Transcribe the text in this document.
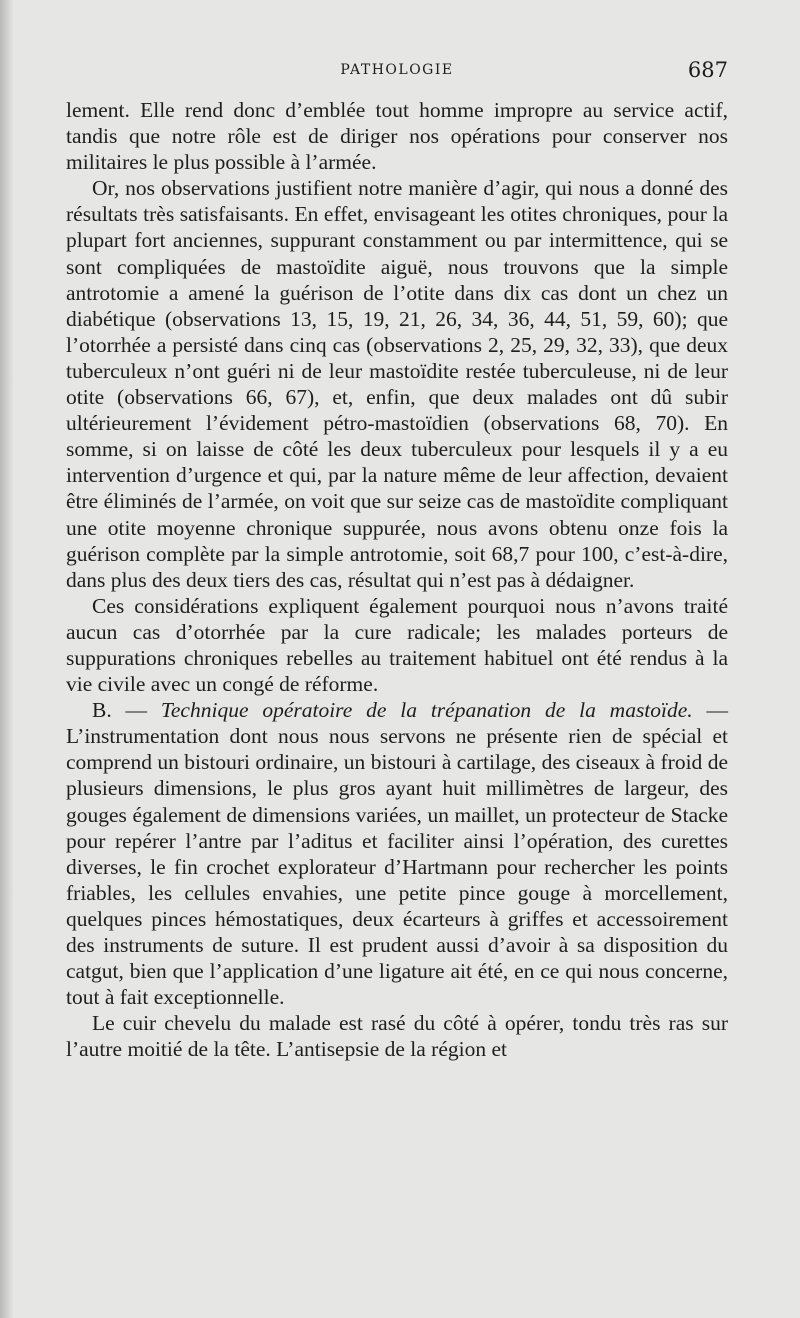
PATHOLOGIE	687

lement. Elle rend donc d’emblée tout homme impropre au service actif, tandis que notre rôle est de diriger nos opérations pour conserver nos militaires le plus possible à l’armée.

Or, nos observations justifient notre manière d’agir, qui nous a donné des résultats très satisfaisants. En effet, envisageant les otites chroniques, pour la plupart fort anciennes, suppurant constamment ou par intermittence, qui se sont compliquées de mastoïdite aiguë, nous trouvons que la simple antrotomie a amené la guérison de l’otite dans dix cas dont un chez un diabétique (observations 13, 15, 19, 21, 26, 34, 36, 44, 51, 59, 60); que l’otorrhée a persisté dans cinq cas (observations 2, 25, 29, 32, 33), que deux tuberculeux n’ont guéri ni de leur mastoïdite restée tuberculeuse, ni de leur otite (observations 66, 67), et, enfin, que deux malades ont dû subir ultérieurement l’évidement pétro-mastoïdien (observations 68, 70). En somme, si on laisse de côté les deux tuberculeux pour lesquels il y a eu intervention d’urgence et qui, par la nature même de leur affection, devaient être éliminés de l’armée, on voit que sur seize cas de mastoïdite compliquant une otite moyenne chronique suppurée, nous avons obtenu onze fois la guérison complète par la simple antrotomie, soit 68,7 pour 100, c’est-à-dire, dans plus des deux tiers des cas, résultat qui n’est pas à dédaigner.

Ces considérations expliquent également pourquoi nous n’avons traité aucun cas d’otorrhée par la cure radicale; les malades porteurs de suppurations chroniques rebelles au traitement habituel ont été rendus à la vie civile avec un congé de réforme.

B. — Technique opératoire de la trépanation de la mastoïde. — L’instrumentation dont nous nous servons ne présente rien de spécial et comprend un bistouri ordinaire, un bistouri à cartilage, des ciseaux à froid de plusieurs dimensions, le plus gros ayant huit millimètres de largeur, des gouges également de dimensions variées, un maillet, un protecteur de Stacke pour repérer l’antre par l’aditus et faciliter ainsi l’opération, des curettes diverses, le fin crochet explorateur d’Hartmann pour rechercher les points friables, les cellules envahies, une petite pince gouge à morcellement, quelques pinces hémostatiques, deux écarteurs à griffes et accessoirement des instruments de suture. Il est prudent aussi d’avoir à sa disposition du catgut, bien que l’application d’une ligature ait été, en ce qui nous concerne, tout à fait exceptionnelle.

Le cuir chevelu du malade est rasé du côté à opérer, tondu très ras sur l’autre moitié de la tête. L’antisepsie de la région et
